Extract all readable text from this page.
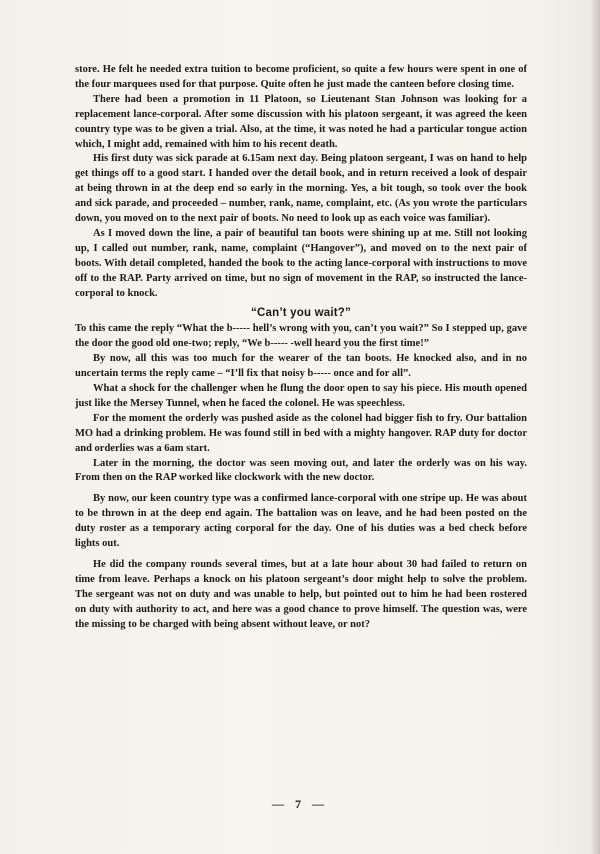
store. He felt he needed extra tuition to become proficient, so quite a few hours were spent in one of the four marquees used for that purpose. Quite often he just made the canteen before closing time.

There had been a promotion in 11 Platoon, so Lieutenant Stan Johnson was looking for a replacement lance-corporal. After some discussion with his platoon sergeant, it was agreed the keen country type was to be given a trial. Also, at the time, it was noted he had a particular tongue action which, I might add, remained with him to his recent death.

His first duty was sick parade at 6.15am next day. Being platoon sergeant, I was on hand to help get things off to a good start. I handed over the detail book, and in return received a look of despair at being thrown in at the deep end so early in the morning. Yes, a bit tough, so took over the book and sick parade, and proceeded – number, rank, name, complaint, etc. (As you wrote the particulars down, you moved on to the next pair of boots. No need to look up as each voice was familiar).

As I moved down the line, a pair of beautiful tan boots were shining up at me. Still not looking up, I called out number, rank, name, complaint (“Hangover”), and moved on to the next pair of boots. With detail completed, handed the book to the acting lance-corporal with instructions to move off to the RAP. Party arrived on time, but no sign of movement in the RAP, so instructed the lance-corporal to knock.

“Can’t you wait?”

To this came the reply “What the b----- hell’s wrong with you, can’t you wait?” So I stepped up, gave the door the good old one-two; reply, “We b----- -well heard you the first time!”

By now, all this was too much for the wearer of the tan boots. He knocked also, and in no uncertain terms the reply came – “I’ll fix that noisy b----- once and for all”.

What a shock for the challenger when he flung the door open to say his piece. His mouth opened just like the Mersey Tunnel, when he faced the colonel. He was speechless.

For the moment the orderly was pushed aside as the colonel had bigger fish to fry. Our battalion MO had a drinking problem. He was found still in bed with a mighty hangover. RAP duty for doctor and orderlies was a 6am start.

Later in the morning, the doctor was seen moving out, and later the orderly was on his way. From then on the RAP worked like clockwork with the new doctor.

By now, our keen country type was a confirmed lance-corporal with one stripe up. He was about to be thrown in at the deep end again. The battalion was on leave, and he had been posted on the duty roster as a temporary acting corporal for the day. One of his duties was a bed check before lights out.

He did the company rounds several times, but at a late hour about 30 had failed to return on time from leave. Perhaps a knock on his platoon sergeant’s door might help to solve the problem. The sergeant was not on duty and was unable to help, but pointed out to him he had been rostered on duty with authority to act, and here was a good chance to prove himself. The question was, were the missing to be charged with being absent without leave, or not?

— 7 —
